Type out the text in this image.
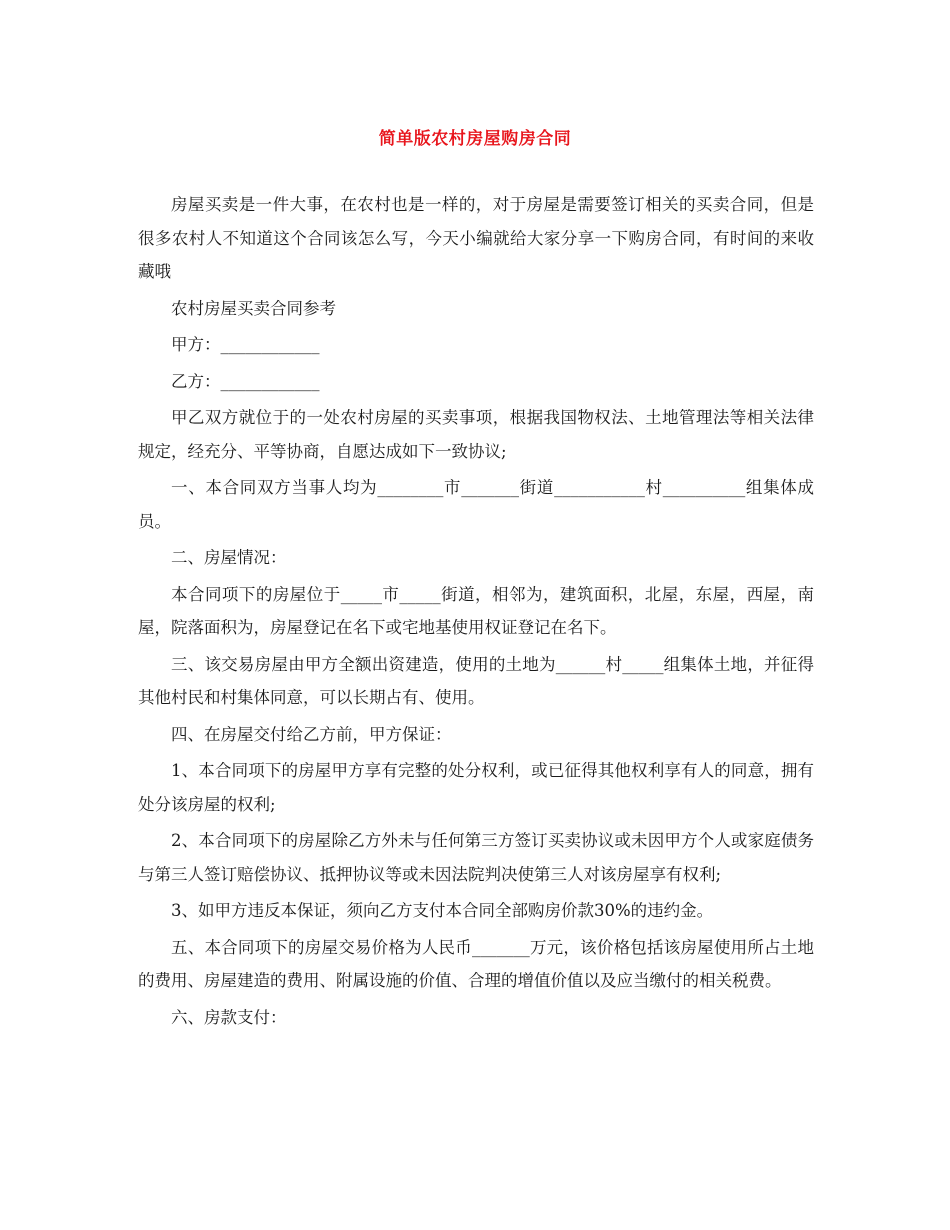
简单版农村房屋购房合同

房屋买卖是一件大事，在农村也是一样的，对于房屋是需要签订相关的买卖合同，但是很多农村人不知道这个合同该怎么写，今天小编就给大家分享一下购房合同，有时间的来收藏哦

农村房屋买卖合同参考

甲方：____________

乙方：____________

甲乙双方就位于的一处农村房屋的买卖事项，根据我国物权法、土地管理法等相关法律规定，经充分、平等协商，自愿达成如下一致协议;

一、本合同双方当事人均为________市_______街道___________村__________组集体成员。

二、房屋情况：

本合同项下的房屋位于_____市_____街道，相邻为，建筑面积，北屋，东屋，西屋，南屋，院落面积为，房屋登记在名下或宅地基使用权证登记在名下。

三、该交易房屋由甲方全额出资建造，使用的土地为______村_____组集体土地，并征得其他村民和村集体同意，可以长期占有、使用。

四、在房屋交付给乙方前，甲方保证：

1、本合同项下的房屋甲方享有完整的处分权利，或已征得其他权利享有人的同意，拥有处分该房屋的权利;

2、本合同项下的房屋除乙方外未与任何第三方签订买卖协议或未因甲方个人或家庭债务与第三人签订赔偿协议、抵押协议等或未因法院判决使第三人对该房屋享有权利;

3、如甲方违反本保证，须向乙方支付本合同全部购房价款30%的违约金。

五、本合同项下的房屋交易价格为人民币_______万元，该价格包括该房屋使用所占土地的费用、房屋建造的费用、附属设施的价值、合理的增值价值以及应当缴付的相关税费。

六、房款支付：
